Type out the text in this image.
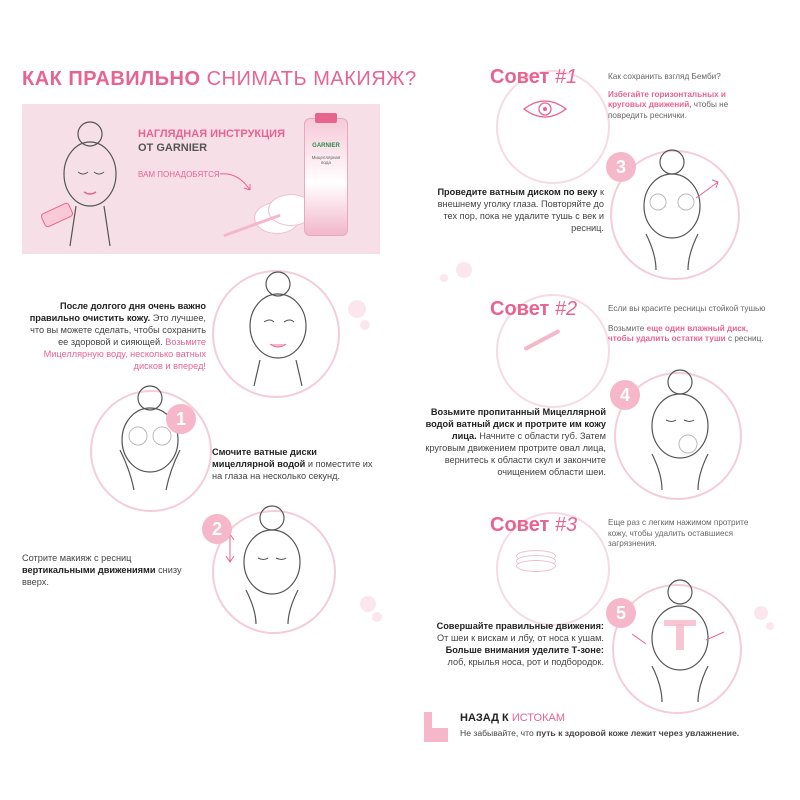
КАК ПРАВИЛЬНО СНИМАТЬ МАКИЯЖ?
НАГЛЯДНАЯ ИНСТРУКЦИЯ
ОТ GARNIER
ВАМ ПОНАДОБЯТСЯ
GARNIER
Мицеллярная вода
После долгого дня очень важно правильно очистить кожу. Это лучшее, что вы можете сделать, чтобы сохранить ее здоровой и сияющей. Возьмите Мицеллярную воду, несколько ватных дисков и вперед!
1
Смочите ватные диски мицеллярной водой и поместите их на глаза на несколько секунд.
Сотрите макияж с ресниц вертикальными движениями снизу вверх.
2
Совет #1	Как сохранить взгляд Бемби?
Избегайте горизонтальных и круговых движений, чтобы не повредить реснички.
Проведите ватным диском по веку к внешнему уголку глаза. Повторяйте до тех пор, пока не удалите тушь с век и ресниц.
3
Совет #2	Если вы красите ресницы стойкой тушью
Возьмите еще один влажный диск, чтобы удалить остатки туши с ресниц.
Возьмите пропитанный Мицеллярной водой ватный диск и протрите им кожу лица. Начните с области губ. Затем круговым движением протрите овал лица, вернитесь к области скул и закончите очищением области шеи.
4
Совет #3	Еще раз с легким нажимом протрите кожу, чтобы удалить оставшиеся загрязнения.
Совершайте правильные движения: От шеи к вискам и лбу, от носа к ушам. Больше внимания уделите Т-зоне: лоб, крылья носа, рот и подбородок.
5
НАЗАД К ИСТОКАМ
Не забывайте, что путь к здоровой коже лежит через увлажнение.
